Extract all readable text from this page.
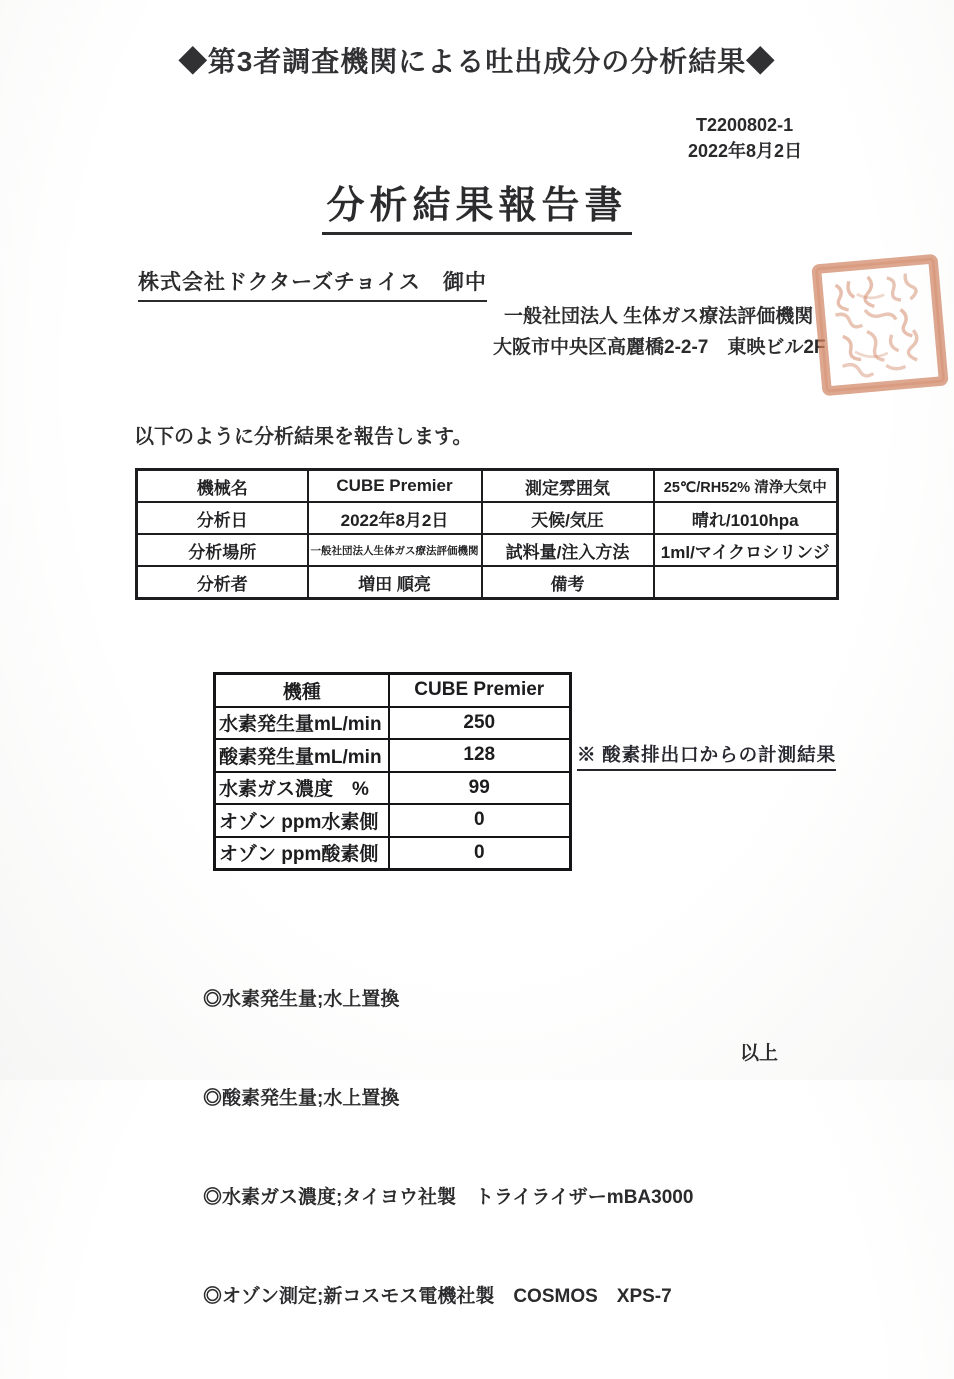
◆第3者調査機関による吐出成分の分析結果◆
T2200802-1
2022年8月2日
分析結果報告書
株式会社ドクターズチョイス　御中
一般社団法人 生体ガス療法評価機関
大阪市中央区高麗橋2-2-7　東映ビル2F
以下のように分析結果を報告します。
機械名	CUBE Premier	測定雰囲気	25℃/RH52% 清浄大気中
分析日	2022年8月2日	天候/気圧	晴れ/1010hpa
分析場所	一般社団法人生体ガス療法評価機関	試料量/注入方法	1ml/マイクロシリンジ
分析者	増田 順亮	備考	
機種	CUBE Premier
水素発生量mL/min	250
酸素発生量mL/min	128
水素ガス濃度　%	99
オゾン ppm水素側	0
オゾン ppm酸素側	0
※ 酸素排出口からの計測結果

◎水素発生量;水上置換

◎酸素発生量;水上置換

◎水素ガス濃度;タイヨウ社製　トライライザーmBA3000

◎オゾン測定;新コスモス電機社製　COSMOS　XPS-7

以上
